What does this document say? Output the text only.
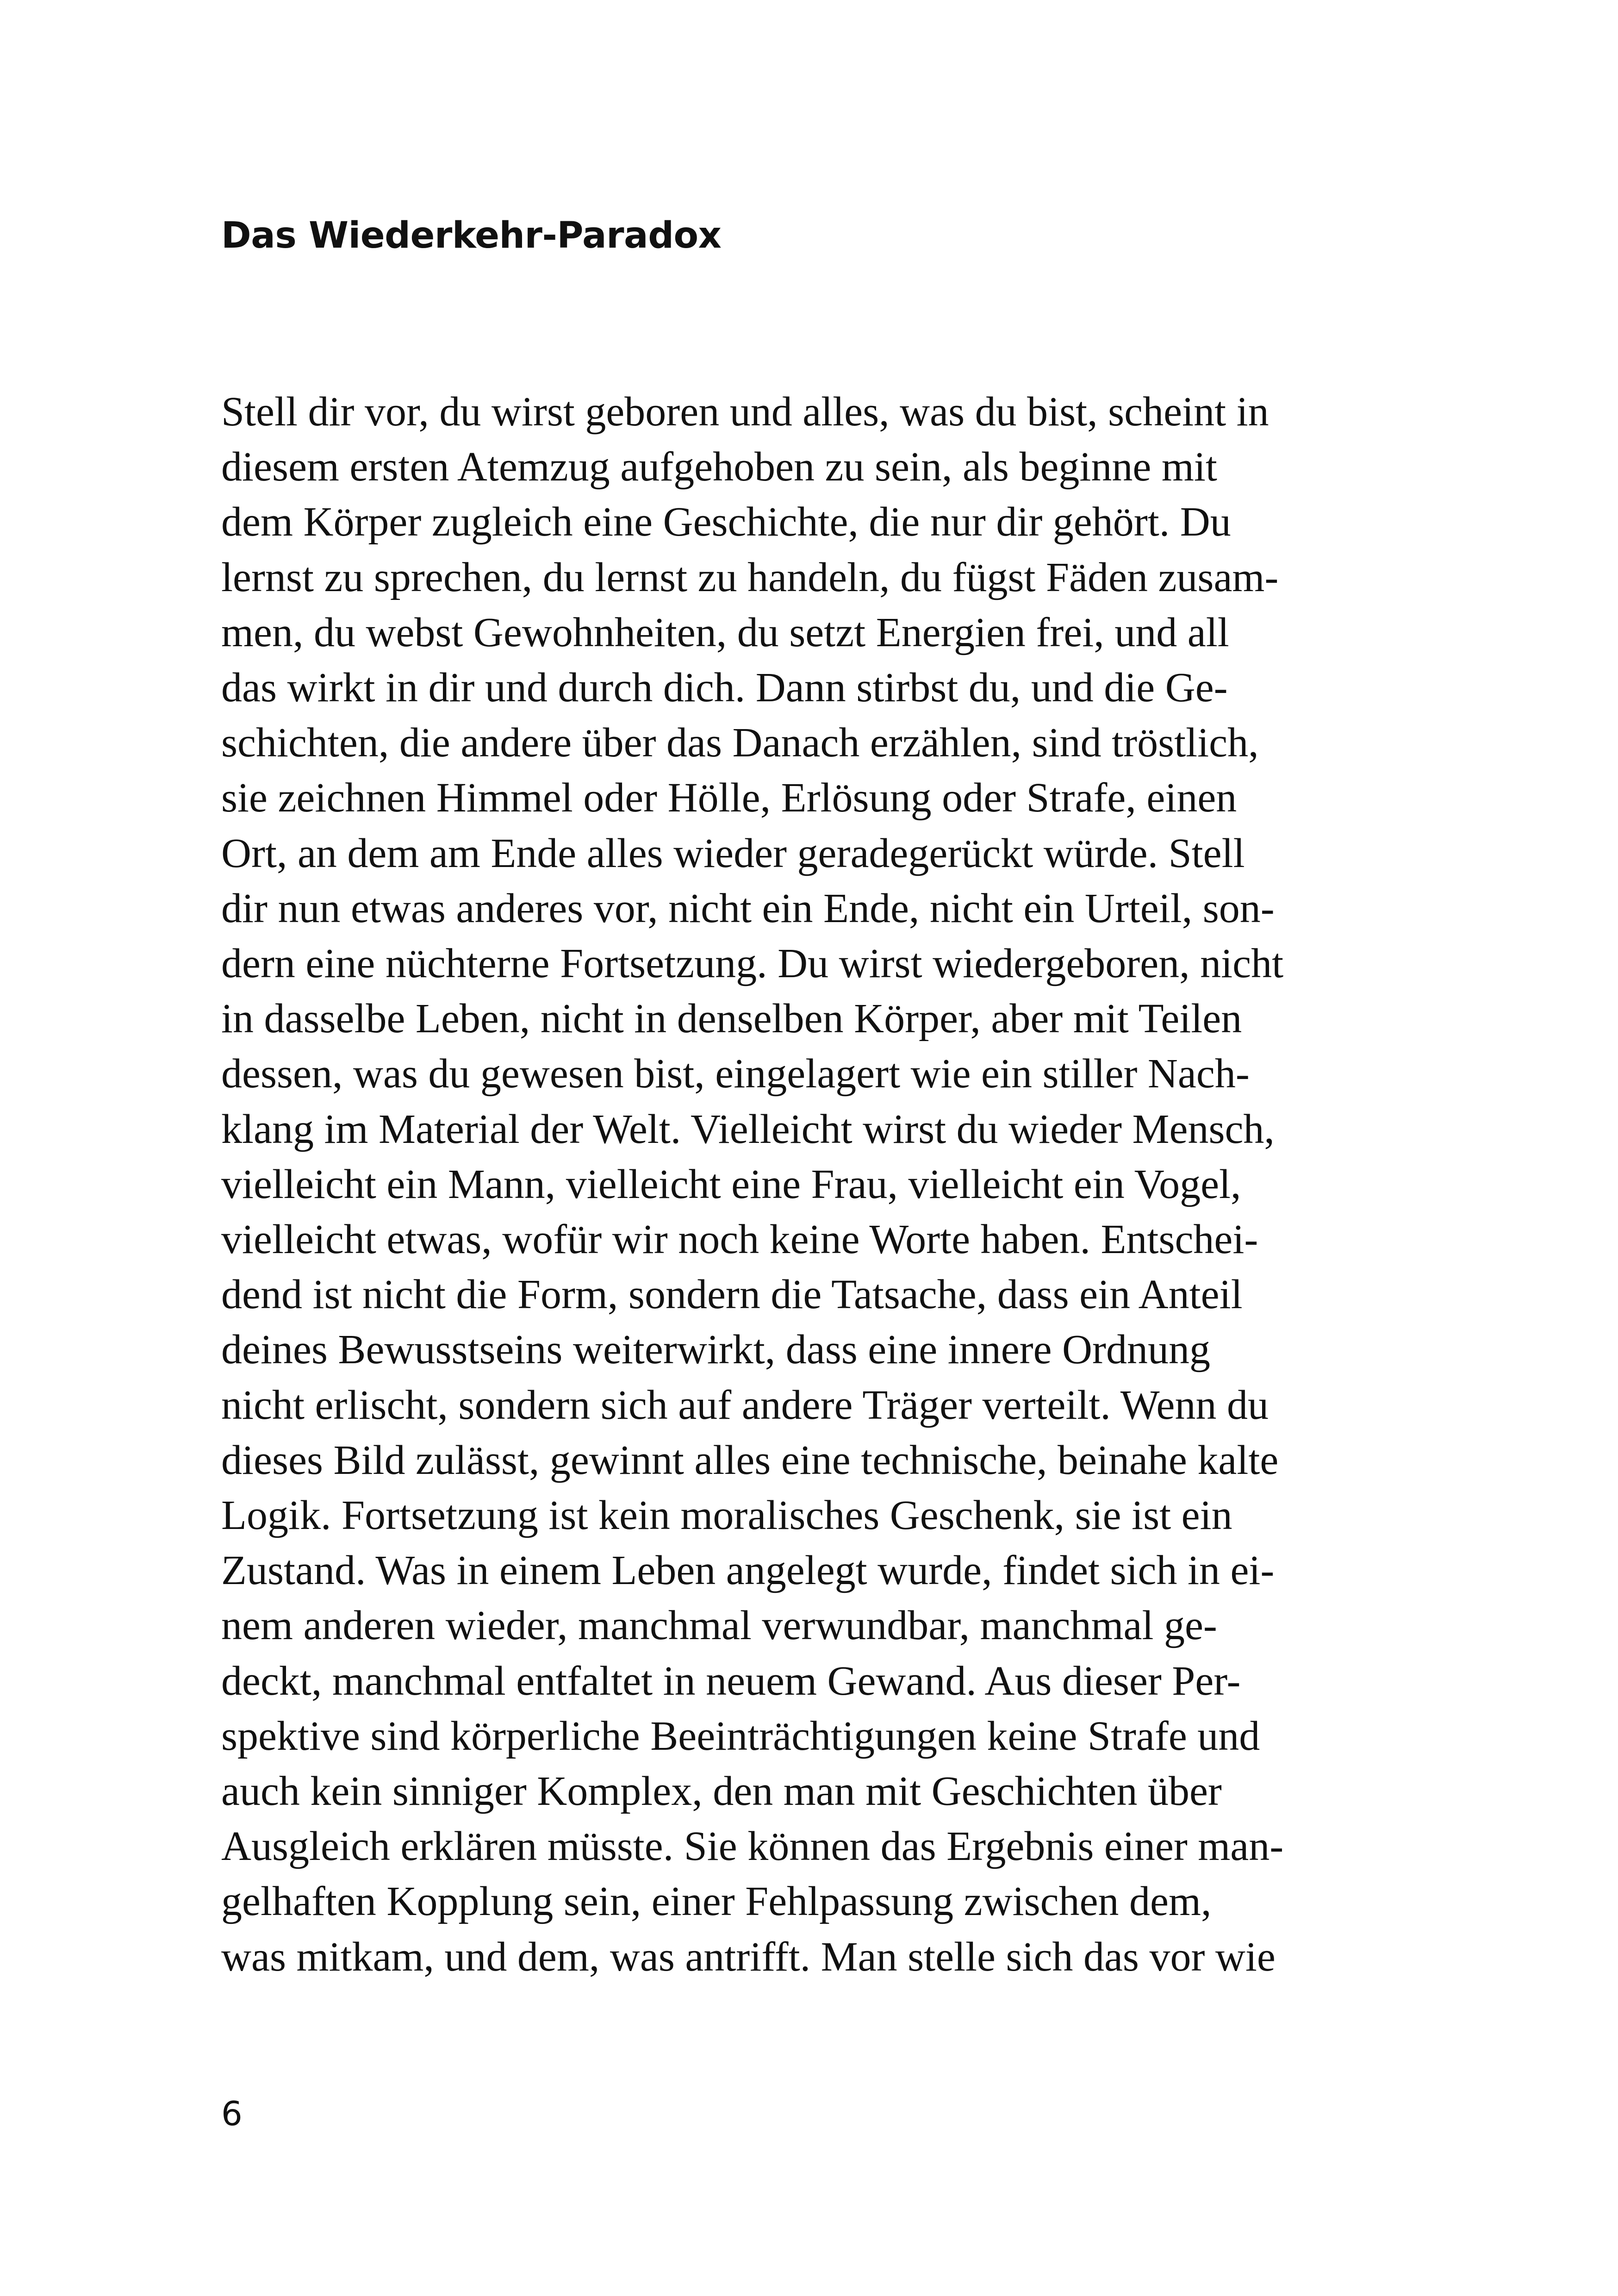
Das Wiederkehr-Paradox
Stell dir vor, du wirst geboren und alles, was du bist, scheint in
diesem ersten Atemzug aufgehoben zu sein, als beginne mit
dem Körper zugleich eine Geschichte, die nur dir gehört. Du
lernst zu sprechen, du lernst zu handeln, du fügst Fäden zusam-
men, du webst Gewohnheiten, du setzt Energien frei, und all
das wirkt in dir und durch dich. Dann stirbst du, und die Ge-
schichten, die andere über das Danach erzählen, sind tröstlich,
sie zeichnen Himmel oder Hölle, Erlösung oder Strafe, einen
Ort, an dem am Ende alles wieder geradegerückt würde. Stell
dir nun etwas anderes vor, nicht ein Ende, nicht ein Urteil, son-
dern eine nüchterne Fortsetzung. Du wirst wiedergeboren, nicht
in dasselbe Leben, nicht in denselben Körper, aber mit Teilen
dessen, was du gewesen bist, eingelagert wie ein stiller Nach-
klang im Material der Welt. Vielleicht wirst du wieder Mensch,
vielleicht ein Mann, vielleicht eine Frau, vielleicht ein Vogel,
vielleicht etwas, wofür wir noch keine Worte haben. Entschei-
dend ist nicht die Form, sondern die Tatsache, dass ein Anteil
deines Bewusstseins weiterwirkt, dass eine innere Ordnung
nicht erlischt, sondern sich auf andere Träger verteilt. Wenn du
dieses Bild zulässt, gewinnt alles eine technische, beinahe kalte
Logik. Fortsetzung ist kein moralisches Geschenk, sie ist ein
Zustand. Was in einem Leben angelegt wurde, findet sich in ei-
nem anderen wieder, manchmal verwundbar, manchmal ge-
deckt, manchmal entfaltet in neuem Gewand. Aus dieser Per-
spektive sind körperliche Beeinträchtigungen keine Strafe und
auch kein sinniger Komplex, den man mit Geschichten über
Ausgleich erklären müsste. Sie können das Ergebnis einer man-
gelhaften Kopplung sein, einer Fehlpassung zwischen dem,
was mitkam, und dem, was antrifft. Man stelle sich das vor wie
6
